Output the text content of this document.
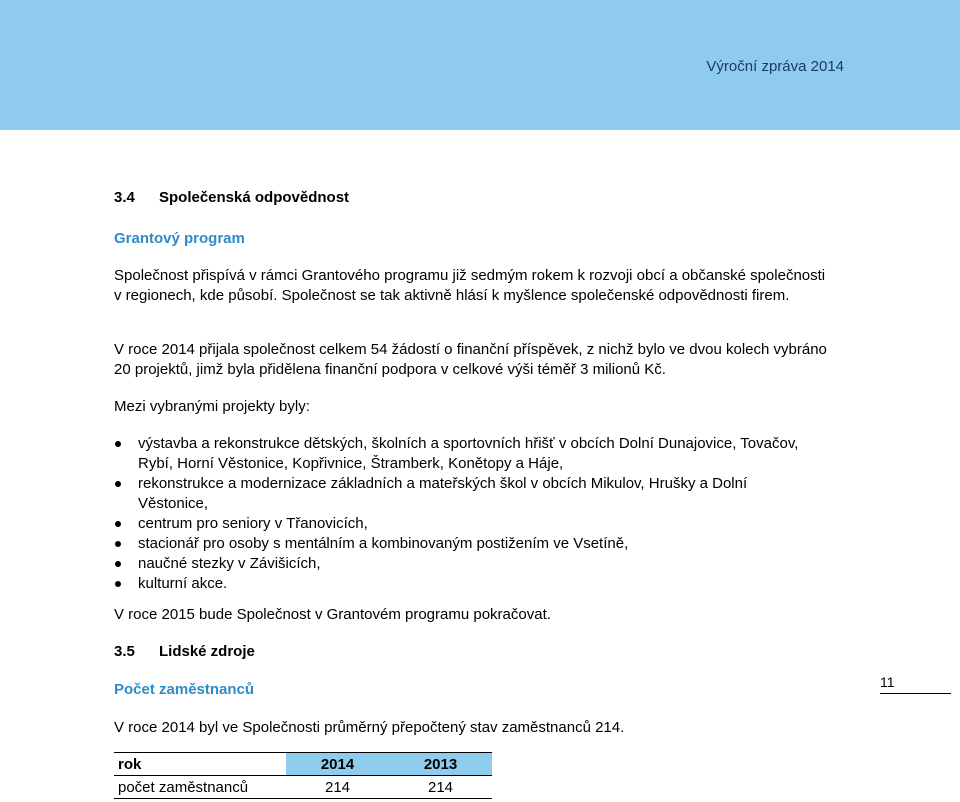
Výroční zpráva 2014
3.4 Společenská odpovědnost
Grantový program
Společnost přispívá v rámci Grantového programu již sedmým rokem k rozvoji obcí a občanské společnosti v regionech, kde působí. Společnost se tak aktivně hlásí k myšlence společenské odpovědnosti firem.
V roce 2014 přijala společnost celkem 54 žádostí o finanční příspěvek, z nichž bylo ve dvou kolech vybráno 20 projektů, jimž byla přidělena finanční podpora v celkové výši téměř 3 milionů Kč.
Mezi vybranými projekty byly:
výstavba a rekonstrukce dětských, školních a sportovních hřišť v obcích Dolní Dunajovice, Tovačov, Rybí, Horní Věstonice, Kopřivnice, Štramberk, Konětopy a Háje,
rekonstrukce a modernizace základních a mateřských škol v obcích Mikulov, Hrušky a Dolní Věstonice,
centrum pro seniory v Třanovicích,
stacionář pro osoby s mentálním a kombinovaným postižením ve Vsetíně,
naučné stezky v Závišicích,
kulturní akce.
V roce 2015 bude Společnost v Grantovém programu pokračovat.
3.5 Lidské zdroje
Počet zaměstnanců
V roce 2014 byl ve Společnosti průměrný přepočtený stav zaměstnanců 214.
rok	2014	2013
počet zaměstnanců	214	214
11
